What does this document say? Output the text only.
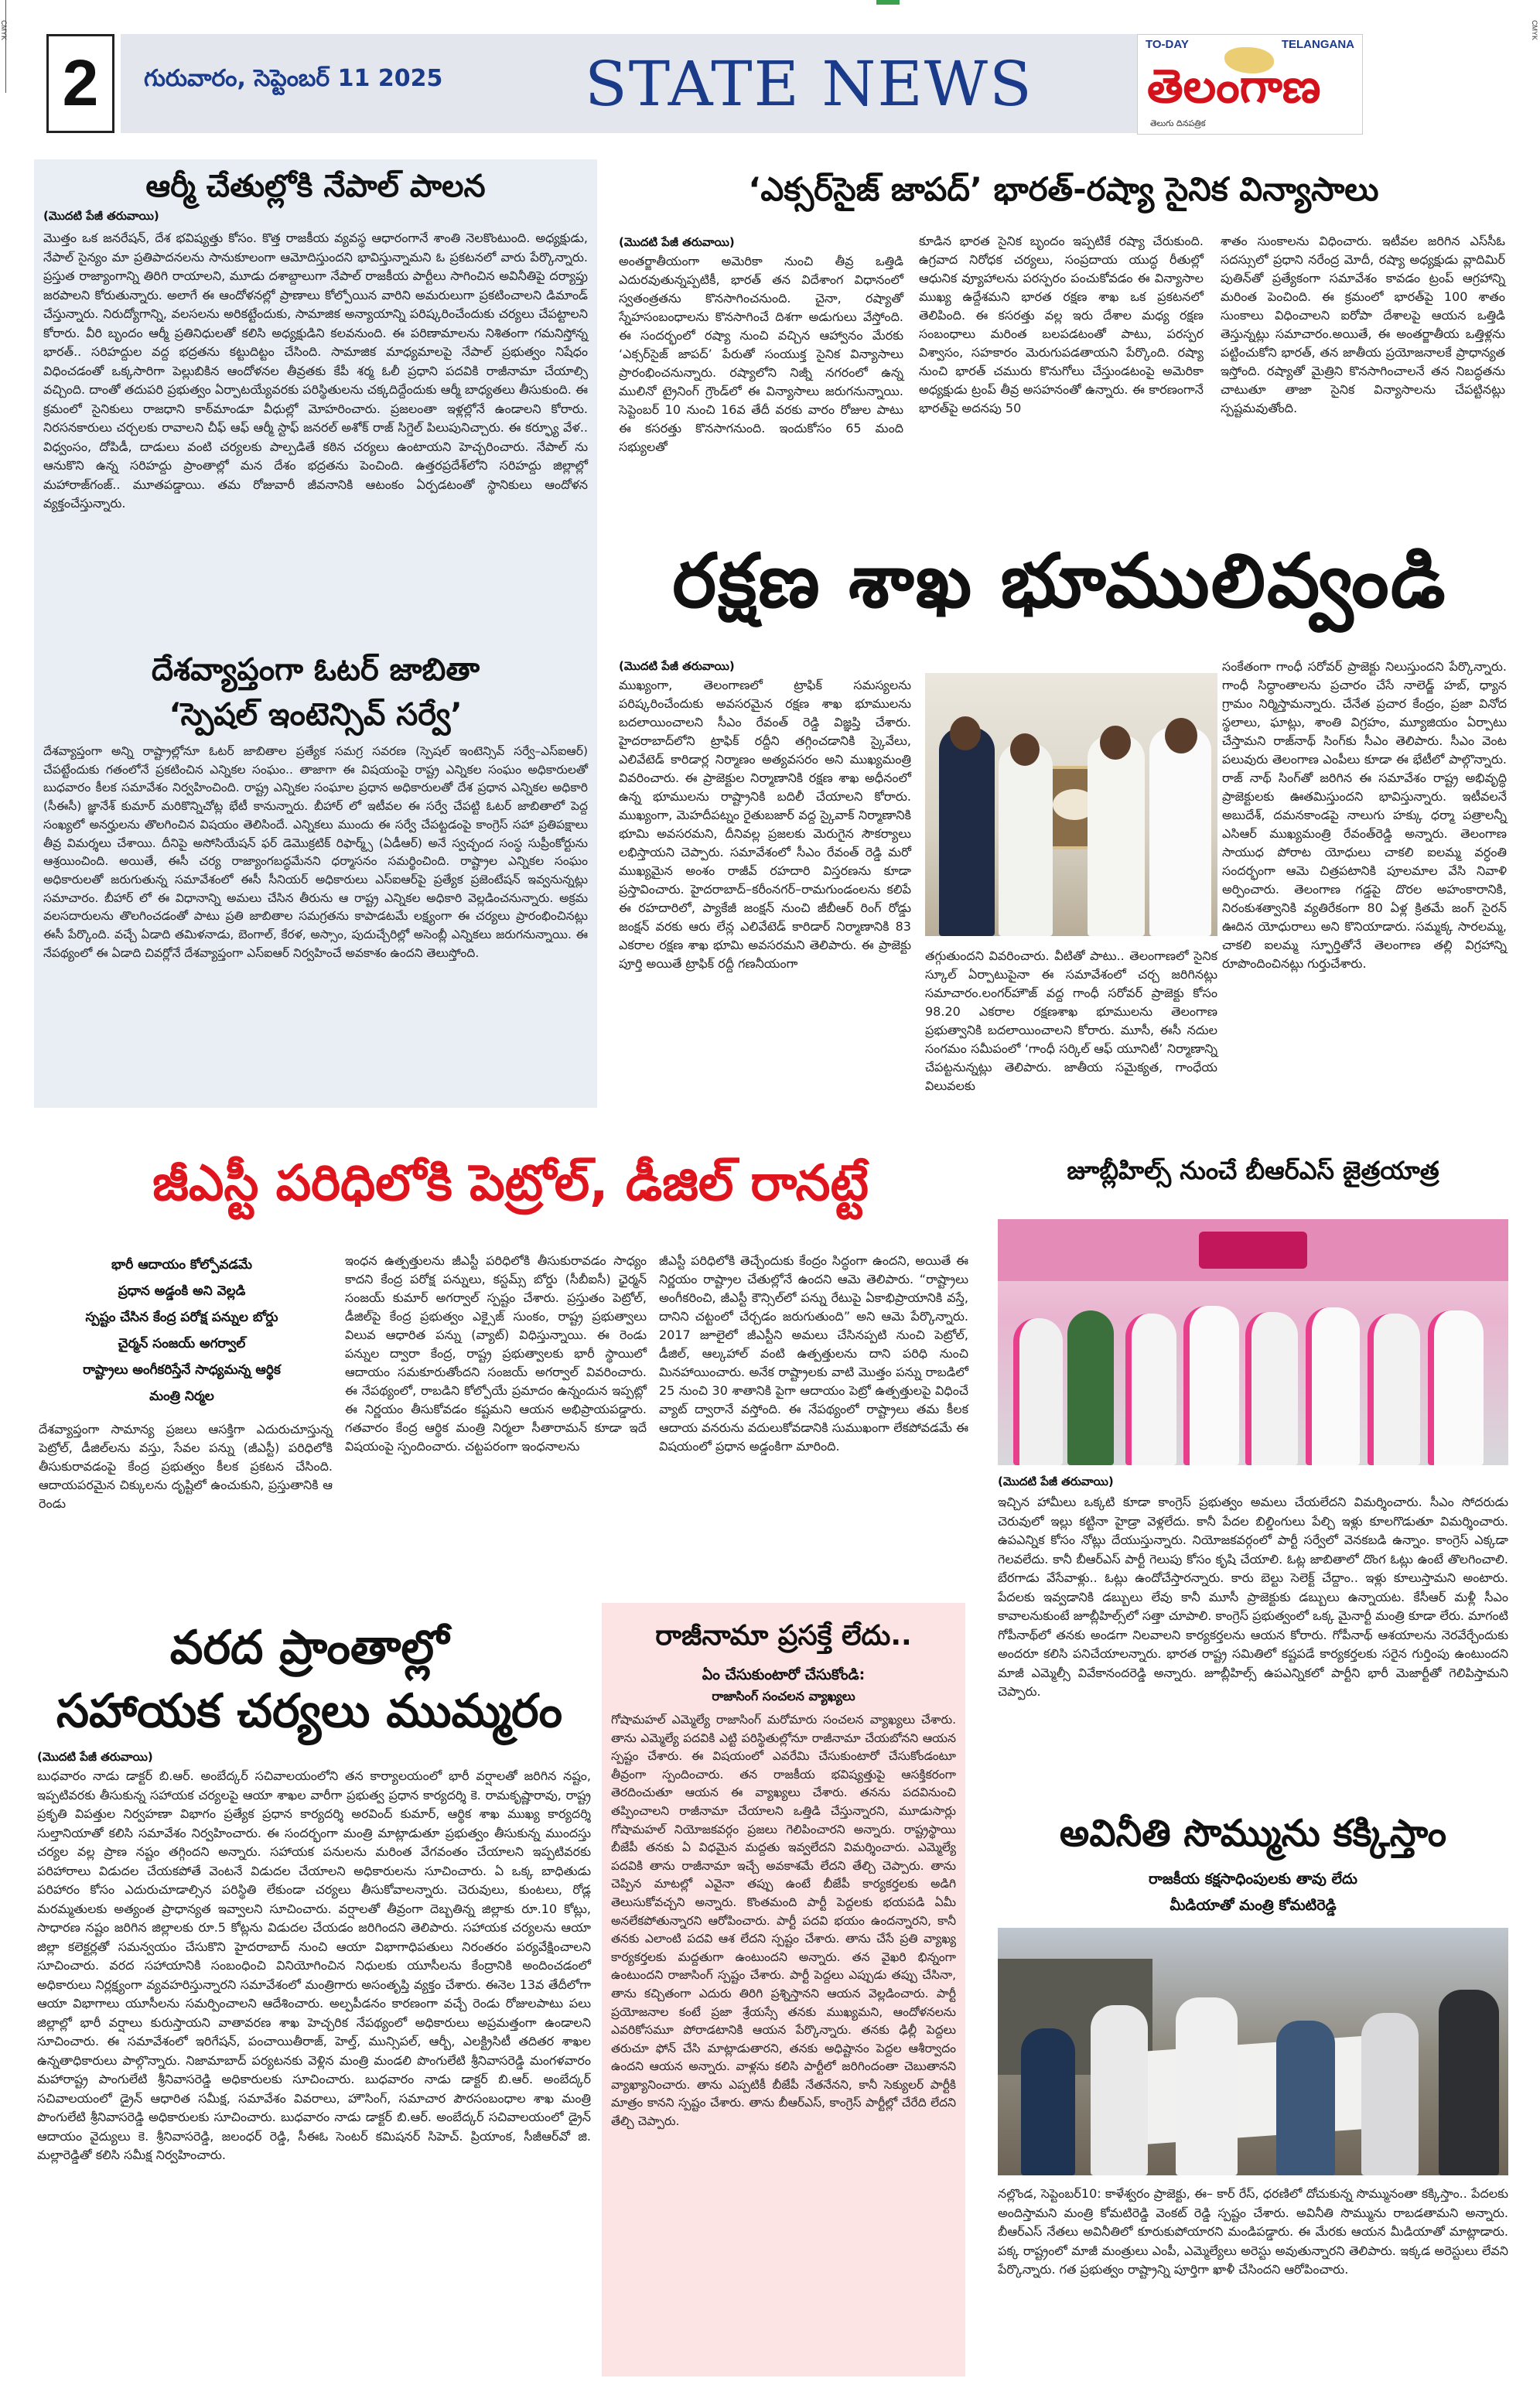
CMYK	CMYK
2	గురువారం, సెప్టెంబర్ 11 2025 STATE NEWS
TO-DAY	TELANGANA
తెలంగాణ
తెలుగు దినపత్రిక
ఆర్మీ చేతుల్లోకి నేపాల్ పాలన
(మొదటి పేజీ తరువాయి)
మొత్తం ఒక జనరేషన్, దేశ భవిష్యత్తు కోసం. కొత్త రాజకీయ వ్యవస్థ ఆధారంగానే శాంతి నెలకొంటుంది. అధ్యక్షుడు, నేపాల్ సైన్యం మా ప్రతిపాదనలను సానుకూలంగా ఆమోదిస్తుందని భావిస్తున్నామని ఓ ప్రకటనలో వారు పేర్కొన్నారు. ప్రస్తుత రాజ్యాంగాన్ని తిరిగి రాయాలని, మూడు దశాబ్దాలుగా నేపాల్ రాజకీయ పార్టీలు సాగించిన అవినీతిపై దర్యాప్తు జరపాలని కోరుతున్నారు. అలాగే ఈ ఆందోళనల్లో ప్రాణాలు కోల్పోయిన వారిని అమరులుగా ప్రకటించాలని డిమాండ్ చేస్తున్నారు. నిరుద్యోగాన్ని, వలసలను అరికట్టేందుకు, సామాజిక అన్యాయాన్ని పరిష్కరించేందుకు చర్యలు చేపట్టాలని కోరారు. వీరి బృందం ఆర్మీ ప్రతినిధులతో కలిసి అధ్యక్షుడిని కలవనుంది. ఈ పరిణామాలను నిశితంగా గమనిస్తోన్న భారత్.. సరిహద్దుల వద్ద భద్రతను కట్టుదిట్టం చేసింది. సామాజిక మాధ్యమాలపై నేపాల్ ప్రభుత్వం నిషేధం విధించడంతో ఒక్కసారిగా పెల్లుబికిన ఆందోళనల తీవ్రతకు కేపీ శర్మ ఓలీ ప్రధాని పదవికి రాజీనామా చేయాల్సి వచ్చింది. దాంతో తదుపరి ప్రభుత్వం ఏర్పాటయ్యేవరకు పరిస్థితులను చక్కదిద్దేందుకు ఆర్మీ బాధ్యతలు తీసుకుంది. ఈ క్రమంలో సైనికులు రాజధాని కాఠ్‌మాండూ వీధుల్లో మోహరించారు. ప్రజలంతా ఇళ్లల్లోనే ఉండాలని కోరారు. నిరసనకారులు చర్చలకు రావాలని చీఫ్ ఆఫ్ ఆర్మీ స్టాఫ్ జనరల్ అశోక్ రాజ్ సిగ్డెల్ పిలుపునిచ్చారు. ఈ కర్ఫ్యూ వేళ.. విధ్వంసం, దోపిడీ, దాడులు వంటి చర్యలకు పాల్పడితే కఠిన చర్యలు ఉంటాయని హెచ్చరించారు. నేపాల్ ను ఆనుకొని ఉన్న సరిహద్దు ప్రాంతాల్లో మన దేశం భద్రతను పెంచింది. ఉత్తరప్రదేశ్‌లోని సరిహద్దు జిల్లాల్లో మహారాజ్‌గంజ్.. మూతపడ్డాయి. తమ రోజువారీ జీవనానికి ఆటంకం ఏర్పడటంతో స్థానికులు ఆందోళన వ్యక్తంచేస్తున్నారు.
దేశవ్యాప్తంగా ఓటర్ జాబితా
‘స్పెషల్ ఇంటెన్సివ్ సర్వే’
దేశవ్యాప్తంగా అన్ని రాష్ట్రాల్లోనూ ఓటర్ జాబితాల ప్రత్యేక సమగ్ర సవరణ (స్పెషల్ ఇంటెన్సివ్ సర్వే–ఎస్‌ఐఆర్) చేపట్టేందుకు గతంలోనే ప్రకటించిన ఎన్నికల సంఘం.. తాజాగా ఈ విషయంపై రాష్ట్ర ఎన్నికల సంఘం అధికారులతో బుధవారం కీలక సమావేశం నిర్వహించింది. రాష్ట్ర ఎన్నికల సంఘాల ప్రధాన అధికారులతో దేశ ప్రధాన ఎన్నికల అధికారి (సీఈసీ) జ్ఞానేశ్ కుమార్ మరికొన్నిచోట్ల భేటీ కానున్నారు. బీహార్ లో ఇటీవల ఈ సర్వే చేపట్టి ఓటర్ జాబితాలో పెద్ద సంఖ్యలో అనర్హులను తొలగించిన విషయం తెలిసిందే. ఎన్నికలు ముందు ఈ సర్వే చేపట్టడంపై కాంగ్రెస్ సహా ప్రతిపక్షాలు తీవ్ర విమర్శలు చేశాయి. దీనిపై అసోసియేషన్ ఫర్ డెమొక్రటిక్ రిఫార్మ్స్ (ఏడీఆర్) అనే స్వచ్ఛంద సంస్థ సుప్రీంకోర్టును ఆశ్రయించింది. అయితే, ఈసీ చర్య రాజ్యాంగబద్ధమేనని ధర్మాసనం సమర్థించింది. రాష్ట్రాల ఎన్నికల సంఘం అధికారులతో జరుగుతున్న సమావేశంలో ఈసీ సీనియర్ అధికారులు ఎస్ఐఆర్‌పై ప్రత్యేక ప్రజెంటేషన్ ఇవ్వనున్నట్లు సమాచారం. బీహార్ లో ఈ విధానాన్ని అమలు చేసిన తీరును ఆ రాష్ట్ర ఎన్నికల అధికారి వెల్లడించనున్నారు. అక్రమ వలసదారులను తొలగించడంతో పాటు ప్రతి జాబితాల సమగ్రతను కాపాడటమే లక్ష్యంగా ఈ చర్యలు ప్రారంభించినట్లు ఈసీ పేర్కొంది. వచ్చే ఏడాది తమిళనాడు, బెంగాల్, కేరళ, అస్సాం, పుదుచ్చేరిల్లో అసెంబ్లీ ఎన్నికలు జరుగనున్నాయి. ఈ నేపథ్యంలో ఈ ఏడాది చివర్లోనే దేశవ్యాప్తంగా ఎస్ఐఆర్ నిర్వహించే అవకాశం ఉందని తెలుస్తోంది.
‘ఎక్సర్‌సైజ్ జాపద్’ భారత్-రష్యా సైనిక విన్యాసాలు
(మొదటి పేజీ తరువాయి)
అంతర్జాతీయంగా అమెరికా నుంచి తీవ్ర ఒత్తిడి ఎదురవుతున్నప్పటికీ, భారత్ తన విదేశాంగ విధానంలో స్వతంత్రతను కొనసాగించనుంది. చైనా, రష్యాతో స్నేహసంబంధాలను కొనసాగించే దిశగా అడుగులు వేస్తోంది. ఈ సందర్భంలో రష్యా నుంచి వచ్చిన ఆహ్వానం మేరకు ‘ఎక్సర్‌సైజ్ జాపద్’ పేరుతో సంయుక్త సైనిక విన్యాసాలు ప్రారంభించనున్నారు. రష్యాలోని నిజ్నీ నగరంలో ఉన్న ములినో ట్రైనింగ్ గ్రౌండ్‌లో ఈ విన్యాసాలు జరుగనున్నాయి. సెప్టెంబర్ 10 నుంచి 16వ తేదీ వరకు వారం రోజుల పాటు ఈ కసరత్తు కొనసాగనుంది. ఇందుకోసం 65 మంది సభ్యులతో
కూడిన భారత సైనిక బృందం ఇప్పటికే రష్యా చేరుకుంది. ఉగ్రవాద నిరోధక చర్యలు, సంప్రదాయ యుద్ధ రీతుల్లో ఆధునిక వ్యూహాలను పరస్పరం పంచుకోవడం ఈ విన్యాసాల ముఖ్య ఉద్దేశమని భారత రక్షణ శాఖ ఒక ప్రకటనలో తెలిపింది. ఈ కసరత్తు వల్ల ఇరు దేశాల మధ్య రక్షణ సంబంధాలు మరింత బలపడటంతో పాటు, పరస్పర విశ్వాసం, సహకారం మెరుగుపడతాయని పేర్కొంది. రష్యా నుంచి భారత్ చమురు కొనుగోలు చేస్తుండటంపై అమెరికా అధ్యక్షుడు ట్రంప్ తీవ్ర అసహనంతో ఉన్నారు. ఈ కారణంగానే భారత్‌పై అదనపు 50
శాతం సుంకాలను విధించారు. ఇటీవల జరిగిన ఎస్‌సీఓ సదస్సులో ప్రధాని నరేంద్ర మోదీ, రష్యా అధ్యక్షుడు వ్లాదిమిర్ పుతిన్‌తో ప్రత్యేకంగా సమావేశం కావడం ట్రంప్ ఆగ్రహాన్ని మరింత పెంచింది. ఈ క్రమంలో భారత్‌పై 100 శాతం సుంకాలు విధించాలని ఐరోపా దేశాలపై ఆయన ఒత్తిడి తెస్తున్నట్లు సమాచారం.అయితే, ఈ అంతర్జాతీయ ఒత్తిళ్లను పట్టించుకోని భారత్, తన జాతీయ ప్రయోజనాలకే ప్రాధాన్యత ఇస్తోంది. రష్యాతో మైత్రిని కొనసాగించాలనే తన నిబద్ధతను చాటుతూ తాజా సైనిక విన్యాసాలను చేపట్టినట్లు స్పష్టమవుతోంది.
రక్షణ శాఖ భూములివ్వండి
(మొదటి పేజీ తరువాయి)
ముఖ్యంగా, తెలంగాణలో ట్రాఫిక్ సమస్యలను పరిష్కరించేందుకు అవసరమైన రక్షణ శాఖ భూములను బదలాయించాలని సీఎం రేవంత్ రెడ్డి విజ్ఞప్తి చేశారు. హైదరాబాద్‌లోని ట్రాఫిక్ రద్దీని తగ్గించడానికి స్కైవేలు, ఎలివేటెడ్ కారిడార్ల నిర్మాణం అత్యవసరం అని ముఖ్యమంత్రి వివరించారు. ఈ ప్రాజెక్టుల నిర్మాణానికి రక్షణ శాఖ అధీనంలో ఉన్న భూములను రాష్ట్రానికి బదిలీ చేయాలని కోరారు. ముఖ్యంగా, మెహదీపట్నం రైతుబజార్ వద్ద స్కైవాక్ నిర్మాణానికి భూమి అవసరమని, దీనివల్ల ప్రజలకు మెరుగైన సౌకర్యాలు లభిస్తాయని చెప్పారు. సమావేశంలో సీఎం రేవంత్ రెడ్డి మరో ముఖ్యమైన అంశం రాజీవ్ రహదారి విస్తరణను కూడా ప్రస్తావించారు. హైదరాబాద్–కరీంనగర్–రామగుండంలను కలిపే ఈ రహదారిలో, ప్యాకేజీ జంక్షన్ నుంచి జీబీఆర్ రింగ్ రోడ్డు జంక్షన్ వరకు ఆరు లేన్ల ఎలివేటెడ్ కారిడార్ నిర్మాణానికి 83 ఎకరాల రక్షణ శాఖ భూమి అవసరమని తెలిపారు. ఈ ప్రాజెక్టు పూర్తి అయితే ట్రాఫిక్ రద్దీ గణనీయంగా
తగ్గుతుందని వివరించారు. వీటితో పాటు.. తెలంగాణలో సైనిక స్కూల్ ఏర్పాటుపైనా ఈ సమావేశంలో చర్చ జరిగినట్లు సమాచారం.లంగర్‌హౌజ్ వద్ద గాంధీ సరోవర్ ప్రాజెక్టు కోసం 98.20 ఎకరాల రక్షణశాఖ భూములను తెలంగాణ ప్రభుత్వానికి బదలాయించాలని కోరారు. మూసీ, ఈసీ నదుల సంగమం సమీపంలో ‘గాంధీ సర్కిల్ ఆఫ్ యూనిటీ’ నిర్మాణాన్ని చేపట్టనున్నట్లు తెలిపారు. జాతీయ సమైక్యత, గాంధేయ విలువలకు
సంకేతంగా గాంధీ సరోవర్ ప్రాజెక్టు నిలుస్తుందని పేర్కొన్నారు. గాంధీ సిద్ధాంతాలను ప్రచారం చేసే నాలెడ్జ్ హబ్, ధ్యాన గ్రామం నిర్మిస్తామన్నారు. చేనేత ప్రచార కేంద్రం, ప్రజా వినోద స్థలాలు, ఘాట్లు, శాంతి విగ్రహం, మ్యూజియం ఏర్పాటు చేస్తామని రాజ్‌నాథ్ సింగ్‌కు సీఎం తెలిపారు. సీఎం వెంట పలువురు తెలంగాణ ఎంపీలు కూడా ఈ భేటీలో పాల్గొన్నారు. రాజ్ నాథ్ సింగ్‌తో జరిగిన ఈ సమావేశం రాష్ట్ర అభివృద్ధి ప్రాజెక్టులకు ఊతమిస్తుందని భావిస్తున్నారు. ఇటీవలనే అబుదేశ్, దమనకాండపై నాలుగు హక్కు ధర్మా పత్రాలన్నీ ఎసిఆర్‌ ముఖ్యమంత్రి రేవంత్‌రెడ్డి అన్నారు. తెలంగాణ సాయుధ పోరాట యోధులు చాకలి ఐలమ్మ వర్ధంతి సందర్భంగా ఆమె చిత్రపటానికి పూలమాల వేసి నివాళి అర్పించారు. తెలంగాణ గడ్డపై దొరల అహంకారానికి, నిరంకుశత్వానికి వ్యతిరేకంగా 80 ఏళ్ల క్రితమే జంగ్ సైరన్ ఊదిన యోధురాలు అని కొనియాడారు. సమ్మక్క సారలమ్మ, చాకలి ఐలమ్మ స్ఫూర్తితోనే తెలంగాణ తల్లి విగ్రహాన్ని రూపొందించినట్లు గుర్తుచేశారు.
జీఎస్టీ పరిధిలోకి పెట్రోల్, డీజిల్ రానట్టే
భారీ ఆదాయం కోల్పోవడమే
ప్రధాన అడ్డంకి అని వెల్లడి
స్పష్టం చేసిన కేంద్ర పరోక్ష పన్నుల బోర్డు
చైర్మన్ సంజయ్ అగర్వాల్
రాష్ట్రాలు అంగీకరిస్తేనే సాధ్యమన్న ఆర్థిక
మంత్రి నిర్మల
దేశవ్యాప్తంగా సామాన్య ప్రజలు ఆసక్తిగా ఎదురుచూస్తున్న పెట్రోల్, డీజిల్‌లను వస్తు, సేవల పన్ను (జీఎస్టీ) పరిధిలోకి తీసుకురావడంపై కేంద్ర ప్రభుత్వం కీలక ప్రకటన చేసింది. ఆదాయపరమైన చిక్కులను దృష్టిలో ఉంచుకుని, ప్రస్తుతానికి ఆ రెండు
ఇంధన ఉత్పత్తులను జీఎస్టీ పరిధిలోకి తీసుకురావడం సాధ్యం కాదని కేంద్ర పరోక్ష పన్నులు, కస్టమ్స్ బోర్డు (సీబీఐసీ) ఛైర్మన్ సంజయ్ కుమార్ అగర్వాల్ స్పష్టం చేశారు. ప్రస్తుతం పెట్రోల్, డీజిల్‌పై కేంద్ర ప్రభుత్వం ఎక్సైజ్ సుంకం, రాష్ట్ర ప్రభుత్వాలు విలువ ఆధారిత పన్ను (వ్యాట్) విధిస్తున్నాయి. ఈ రెండు పన్నుల ద్వారా కేంద్ర, రాష్ట్ర ప్రభుత్వాలకు భారీ స్థాయిలో ఆదాయం సమకూరుతోందని సంజయ్ అగర్వాల్ వివరించారు. ఈ నేపథ్యంలో, రాబడిని కోల్పోయే ప్రమాదం ఉన్నందున ఇప్పట్లో ఈ నిర్ణయం తీసుకోవడం కష్టమని ఆయన అభిప్రాయపడ్డారు. గతవారం కేంద్ర ఆర్థిక మంత్రి నిర్మలా సీతారామన్ కూడా ఇదే విషయంపై స్పందించారు. చట్టపరంగా ఇంధనాలను
జీఎస్టీ పరిధిలోకి తెచ్చేందుకు కేంద్రం సిద్ధంగా ఉందని, అయితే ఈ నిర్ణయం రాష్ట్రాల చేతుల్లోనే ఉందని ఆమె తెలిపారు. “రాష్ట్రాలు అంగీకరించి, జీఎస్టీ కౌన్సిల్‌లో పన్ను రేటుపై ఏకాభిప్రాయానికి వస్తే, దానిని చట్టంలో చేర్చడం జరుగుతుంది” అని ఆమె పేర్కొన్నారు. 2017 జూలైలో జీఎస్టీని అమలు చేసినప్పటి నుంచి పెట్రోల్, డీజిల్, ఆల్కహాల్ వంటి ఉత్పత్తులను దాని పరిధి నుంచి మినహాయించారు. అనేక రాష్ట్రాలకు వాటి మొత్తం పన్ను రాబడిలో 25 నుంచి 30 శాతానికి పైగా ఆదాయం పెట్రో ఉత్పత్తులపై విధించే వ్యాట్ ద్వారానే వస్తోంది. ఈ నేపథ్యంలో రాష్ట్రాలు తమ కీలక ఆదాయ వనరును వదులుకోవడానికి సుముఖంగా లేకపోవడమే ఈ విషయంలో ప్రధాన అడ్డంకిగా మారింది.
వరద ప్రాంతాల్లో
సహాయక చర్యలు ముమ్మరం
(మొదటి పేజీ తరువాయి)
బుధవారం నాడు డాక్టర్ బి.ఆర్. అంబేద్కర్ సచివాలయంలోని తన కార్యాలయంలో భారీ వర్షాలతో జరిగిన నష్టం, ఇప్పటివరకు తీసుకున్న సహాయక చర్యలపై ఆయా శాఖల వారీగా ప్రభుత్వ ప్రధాన కార్యదర్శి కె. రామకృష్ణారావు, రాష్ట్ర ప్రకృతి విపత్తుల నిర్వహణా విభాగం ప్రత్యేక ప్రధాన కార్యదర్శి అరవింద్ కుమార్, ఆర్థిక శాఖ ముఖ్య కార్యదర్శి సుల్తానియాతో కలిసి సమావేశం నిర్వహించారు. ఈ సందర్భంగా మంత్రి మాట్లాడుతూ ప్రభుత్వం తీసుకున్న ముందస్తు చర్యల వల్ల ప్రాణ నష్టం తగ్గిందని అన్నారు. సహాయక పనులను మరింత వేగవంతం చేయాలని ఇప్పటివరకు పరిహారాలు విడుదల చేయకపోతే వెంటనే విడుదల చేయాలని అధికారులను సూచించారు. ఏ ఒక్క బాధితుడు పరిహారం కోసం ఎదురుచూడాల్సిన పరిస్థితి లేకుండా చర్యలు తీసుకోవాలన్నారు. చెరువులు, కుంటలు, రోడ్ల మరమ్మతులకు అత్యంత ప్రాధాన్యత ఇవ్వాలని సూచించారు. వర్షాలతో తీవ్రంగా దెబ్బతిన్న జిల్లాకు రూ.10 కోట్లు, సాధారణ నష్టం జరిగిన జిల్లాలకు రూ.5 కోట్లను విడుదల చేయడం జరిగిందని తెలిపారు. సహాయక చర్యలను ఆయా జిల్లా కలెక్టర్లతో సమన్వయం చేసుకొని హైదరాబాద్ నుంచి ఆయా విభాగాధిపతులు నిరంతరం పర్యవేక్షించాలని సూచించారు. వరద సహాయానికి సంబంధించి వినియోగించిన నిధులకు యూసీలను కేంద్రానికి అందించడంలో అధికారులు నిర్లక్ష్యంగా వ్యవహరిస్తున్నారని సమావేశంలో మంత్రిగారు అసంతృప్తి వ్యక్తం చేశారు. ఈనెల 13వ తేదీలోగా ఆయా విభాగాలు యూసీలను సమర్పించాలని ఆదేశించారు. అల్పపీడనం కారణంగా వచ్చే రెండు రోజులపాటు పలు జిల్లాల్లో భారీ వర్షాలు కురుస్తాయని వాతావరణ శాఖ హెచ్చరిక నేపథ్యంలో అధికారులు అప్రమత్తంగా ఉండాలని సూచించారు. ఈ సమావేశంలో ఇరిగేషన్, పంచాయితీరాజ్, హెల్త్, మున్సిపల్, ఆర్బీ, ఎలక్ట్రిసిటీ తదితర శాఖల ఉన్నతాధికారులు పాల్గొన్నారు. నిజామాబాద్ పర్యటనకు వెళ్లిన మంత్రి మండలి పొంగులేటి శ్రీనివాసరెడ్డి మంగళవారం మహారాష్ట్ర పాంగులేటి శ్రీనివాసరెడ్డి అధికారులకు సూచించారు. బుధవారం నాడు డాక్టర్ బి.ఆర్. అంబేద్కర్ సచివాలయంలో డ్రైన్ ఆధారిత సమీక్ష, సమావేశం వివరాలు, హౌసింగ్, సమాచార పౌరసంబంధాల శాఖ మంత్రి పొంగులేటి శ్రీనివాసరెడ్డి అధికారులకు సూచించారు. బుధవారం నాడు డాక్టర్ బి.ఆర్. అంబేద్కర్ సచివాలయంలో డ్రైన్ ఆదాయం వైద్యులు కె. శ్రీనివాసరెడ్డి, జలంధర్ రెడ్డి, సీఈఓ సెంటర్ కమిషనర్ సిహెచ్. ప్రియాంక, సీజీఆర్‌వో జి. మల్లారెడ్డితో కలిసి సమీక్ష నిర్వహించారు.
రాజీనామా ప్రసక్తే లేదు..
ఏం చేసుకుంటారో చేసుకోండి:
రాజాసింగ్ సంచలన వ్యాఖ్యలు
గోషామహల్ ఎమ్మెల్యే రాజాసింగ్ మరోమారు సంచలన వ్యాఖ్యలు చేశారు. తాను ఎమ్మెల్యే పదవికి ఎట్టి పరిస్థితుల్లోనూ రాజీనామా చేయబోనని ఆయన స్పష్టం చేశారు. ఈ విషయంలో ఎవరేమి చేసుకుంటారో చేసుకోండంటూ తీవ్రంగా స్పందించారు. తన రాజకీయ భవిష్యత్తుపై ఆసక్తికరంగా తెరదించుతూ ఆయన ఈ వ్యాఖ్యలు చేశారు. తనను పదవినుంచి తప్పించాలని రాజీనామా చేయాలని ఒత్తిడి చేస్తున్నారని, మూడుసార్లు గోషామహల్ నియోజకవర్గం ప్రజలు గెలిపించారని అన్నారు. రాష్ట్రస్థాయి బీజేపీ తనకు ఏ విధమైన మద్దతు ఇవ్వలేదని విమర్శించారు. ఎమ్మెల్యే పదవికి తాను రాజీనామా ఇచ్చే అవకాశమే లేదని తేల్చి చెప్పారు. తాను చెప్పిన మాటల్లో ఎవైనా తప్పు ఉంటే బీజేపీ కార్యకర్తలకు అడిగి తెలుసుకోవచ్చని అన్నారు. కొంతమంది పార్టీ పెద్దలకు భయపడి ఏమీ అనలేకపోతున్నారని ఆరోపించారు. పార్టీ పదవి భయం ఉందన్నారని, కానీ తనకు ఎలాంటి పదవి ఆశ లేదని స్పష్టం చేశారు. తాను చేసే ప్రతి వ్యాఖ్య కార్యకర్తలకు మద్దతుగా ఉంటుందని అన్నారు. తన వైఖరి భిన్నంగా ఉంటుందని రాజాసింగ్ స్పష్టం చేశారు. పార్టీ పెద్దలు ఎప్పుడు తప్పు చేసినా, తాను కచ్చితంగా ఎదురు తిరిగి ప్రశ్నిస్తానని ఆయన వెల్లడించారు. పార్టీ ప్రయోజనాల కంటే ప్రజా శ్రేయస్సే తనకు ముఖ్యమని, ఆందోళనలను ఎవరికోసమూ పోరాడటానికి ఆయన పేర్కొన్నారు. తనకు ఢిల్లీ పెద్దలు తరుచూ ఫోన్ చేసి మాట్లాడుతారని, తనకు అధిష్టానం పెద్దల ఆశీర్వాదం ఉందని ఆయన అన్నారు. వాళ్లను కలిసి పార్టీలో జరిగిందంతా చెబుతానని వ్యాఖ్యానించారు. తాను ఎప్పటికీ బీజేపీ నేతనేనని, కానీ సెక్యులర్ పార్టీకి మాత్రం కానని స్పష్టం చేశారు. తాను బీఆర్ఎస్, కాంగ్రెస్ పార్టీల్లో చేరేది లేదని తేల్చి చెప్పారు.
జూబ్లీహిల్స్ నుంచే బీఆర్ఎస్ జైత్రయాత్ర
(మొదటి పేజీ తరువాయి)
ఇచ్చిన హామీలు ఒక్కటి కూడా కాంగ్రెస్ ప్రభుత్వం అమలు చేయలేదని విమర్శించారు. సీఎం సోదరుడు చెరువులో ఇల్లు కట్టినా హైడ్రా వెళ్లలేదు. కానీ పేదల బిల్డింగులు పేల్చి ఇళ్లు కూలగొడుతూ విమర్శించారు. ఉపఎన్నిక కోసం నోట్లు దేయుస్తున్నారు. నియోజకవర్గంలో పార్టీ సర్వేలో వెనకబడి ఉన్నాం. కాంగ్రెస్ ఎక్కడా గెలవలేదు. కానీ బీఆర్ఎస్ పార్టీ గెలుపు కోసం కృషి చేయాలి. ఓట్ల జాబితాలో దొంగ ఓట్లు ఉంటే తొలగించాలి. బేరగాడు వేసేవాళ్లు.. ఓట్లు ఉందోచేస్తారన్నారు. కారు బెల్టు సెలెక్ట్ చేద్దాం.. ఇళ్లు కూలుస్తామని అంటారు. పేదలకు ఇవ్వడానికి డబ్బులు లేవు కానీ మూసీ ప్రాజెక్టుకు డబ్బులు ఉన్నాయట. కేసీఆర్ మళ్లీ సీఎం కావాలనుకుంటే జూబ్లీహిల్స్‌లో సత్తా చూపాలి. కాంగ్రెస్ ప్రభుత్వంలో ఒక్క మైనార్టీ మంత్రి కూడా లేరు. మాగంటి గోపీనాథ్‌లో తనకు అండగా నిలవాలని కార్యకర్తలను ఆయన కోరారు. గోపీనాథ్ ఆశయాలను నెరవేర్చేందుకు అందరూ కలిసి పనిచేయాలన్నారు. భారత రాష్ట్ర సమితిలో కష్టపడే కార్యకర్తలకు సరైన గుర్తింపు ఉంటుందని మాజీ ఎమ్మెల్సీ వివేకానందరెడ్డి అన్నారు. జూబ్లీహిల్స్ ఉపఎన్నికలో పార్టీని భారీ మెజార్టీతో గెలిపిస్తామని చెప్పారు.
అవినీతి సొమ్మును కక్కిస్తాం
రాజకీయ కక్షసాధింపులకు తావు లేదు
మీడియాతో మంత్రి కోమటిరెడ్డి
నల్లొండ, సెప్టెంబర్10: కాళేశ్వరం ప్రాజెక్టు, ఈ– కార్ రేస్, ధరణిలో దోచుకున్న సొమ్మునంతా కక్కిస్తాం.. పేదలకు అందిస్తామని మంత్రి కోమటిరెడ్డి వెంకట్ రెడ్డి స్పష్టం చేశారు. అవినీతి సొమ్మును రాబడతామని అన్నారు. బీఆర్ఎస్ నేతలు అవినీతిలో కూరుకుపోయారని మండిపడ్డారు. ఈ మేరకు ఆయన మీడియాతో మాట్లాడారు. పక్క రాష్ట్రంలో మాజీ మంత్రులు ఎంపీ, ఎమ్మెల్యేలు అరెస్టు అవుతున్నారని తెలిపారు. ఇక్కడ అరెస్టులు లేవని పేర్కొన్నారు. గత ప్రభుత్వం రాష్ట్రాన్ని పూర్తిగా ఖాళీ చేసిందని ఆరోపించారు.
